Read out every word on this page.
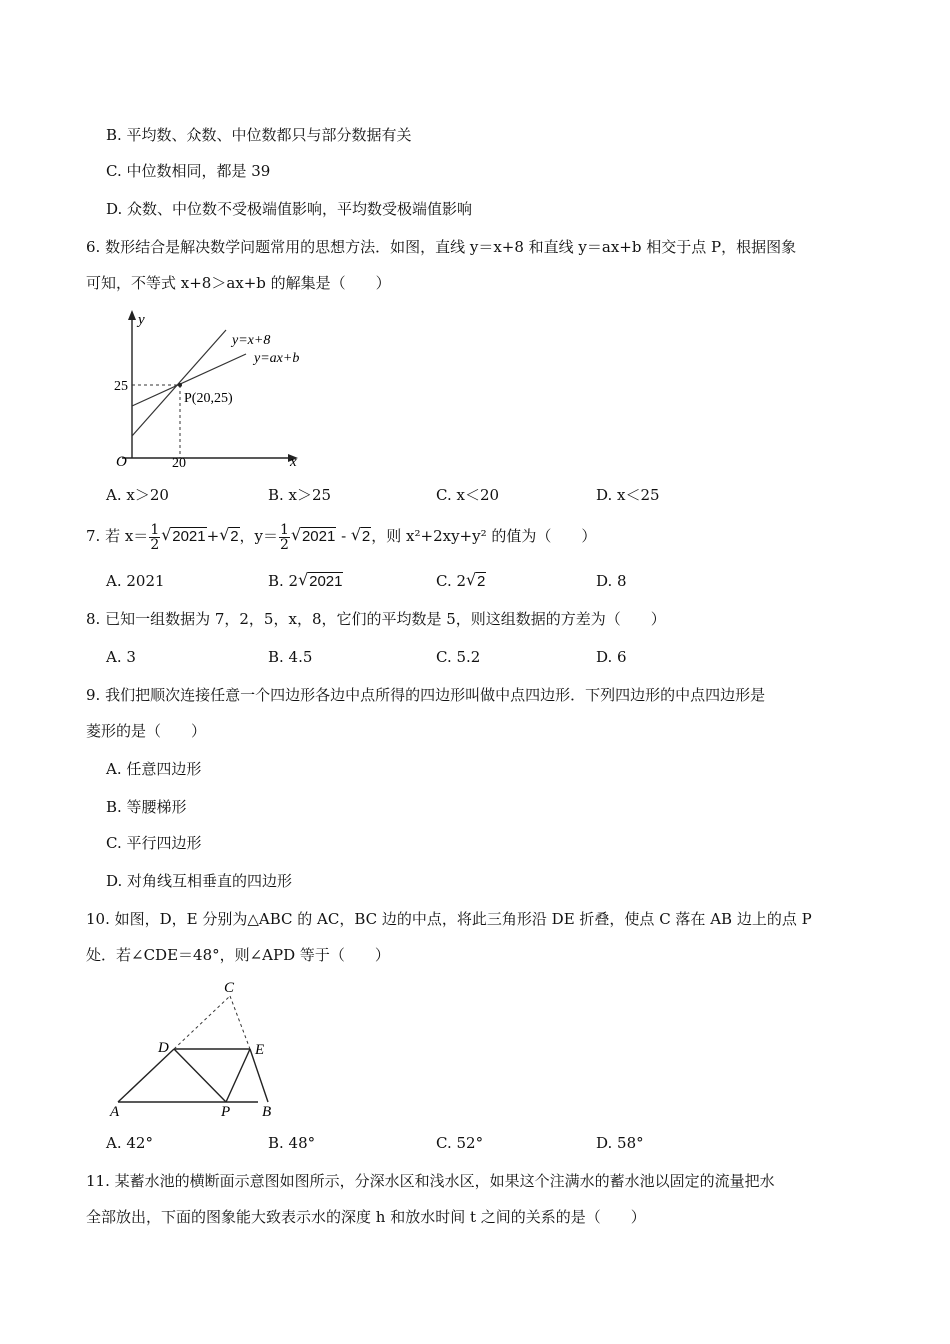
B. 平均数、众数、中位数都只与部分数据有关
C. 中位数相同，都是 39
D. 众数、中位数不受极端值影响，平均数受极端值影响
6. 数形结合是解决数学问题常用的思想方法．如图，直线 y＝x+8 和直线 y＝ax+b 相交于点 P，根据图象
可知，不等式 x+8＞ax+b 的解集是（　　）
y
x
O
y=x+8
y=ax+b
25
20
P(20,25)
A. x＞20	B. x＞25	C. x＜20	D. x＜25
7. 若 $x= \frac{1}{2}$ √ 2021+ √ 2，$y= \frac{1}{2}$ √ 2021 - √ 2，则 x²+2xy+y² 的值为（　　）
A. 2021	B. 2 √ 2021	C. 2 √ 2	D. 8
8. 已知一组数据为 7，2，5，x，8，它们的平均数是 5，则这组数据的方差为（　　）
A. 3	B. 4.5	C. 5.2	D. 6
9. 我们把顺次连接任意一个四边形各边中点所得的四边形叫做中点四边形．下列四边形的中点四边形是
菱形的是（　　）
A. 任意四边形
B. 等腰梯形
C. 平行四边形
D. 对角线互相垂直的四边形
10. 如图，D，E 分别为△ABC 的 AC，BC 边的中点，将此三角形沿 DE 折叠，使点 C 落在 AB 边上的点 P
处．若∠CDE＝48°，则∠APD 等于（　　）
C
D	E
A	P B
A. 42°	B. 48°	C. 52°	D. 58°
11. 某蓄水池的横断面示意图如图所示，分深水区和浅水区，如果这个注满水的蓄水池以固定的流量把水
全部放出，下面的图象能大致表示水的深度 h 和放水时间 t 之间的关系的是（　　）
